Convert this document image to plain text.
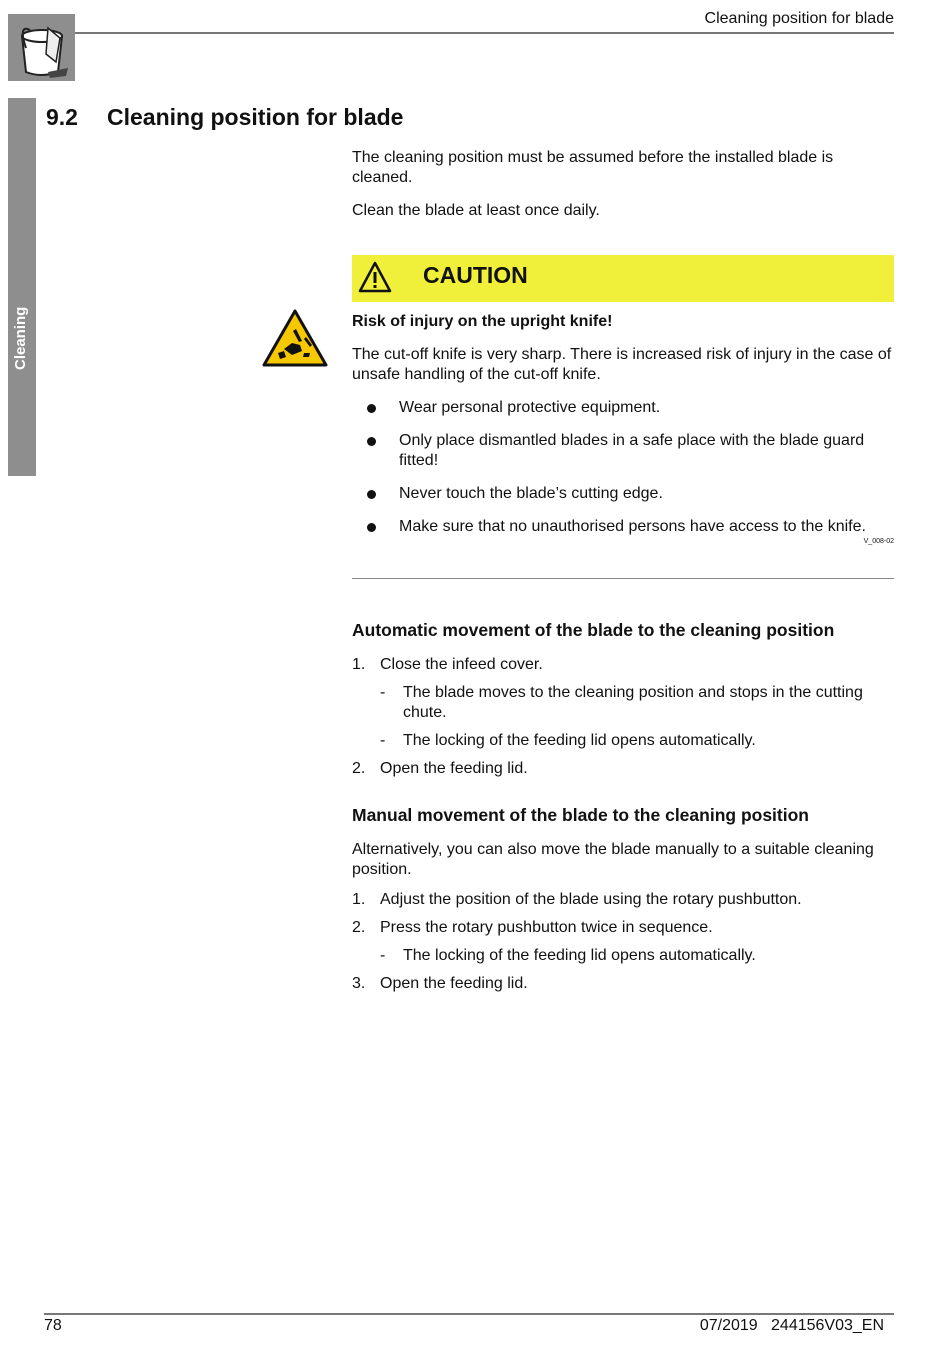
Cleaning position for blade
Cleaning
9.2 Cleaning position for blade

The cleaning position must be assumed before the installed blade is cleaned.

Clean the blade at least once daily.

CAUTION

Risk of injury on the upright knife!

The cut-off knife is very sharp. There is increased risk of injury in the case of unsafe handling of the cut-off knife.

Wear personal protective equipment.
Only place dismantled blades in a safe place with the blade guard fitted!
Never touch the blade’s cutting edge.
Make sure that no unauthorised persons have access to the knife.
V_008-02
Automatic movement of the blade to the cleaning position
1. Close the infeed cover.
- The blade moves to the cleaning position and stops in the cutting chute.
- The locking of the feeding lid opens automatically.
2. Open the feeding lid.
Manual movement of the blade to the cleaning position

Alternatively, you can also move the blade manually to a suitable cleaning position.

1. Adjust the position of the blade using the rotary pushbutton.
2. Press the rotary pushbutton twice in sequence.
- The locking of the feeding lid opens automatically.
3. Open the feeding lid.
78	07/2019   244156V03_EN
